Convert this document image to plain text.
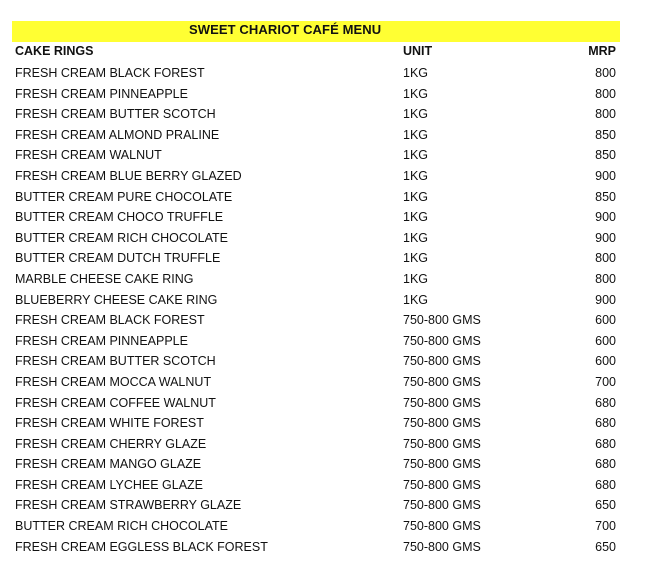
SWEET CHARIOT CAFÉ MENU
CAKE RINGS	UNIT	MRP
FRESH CREAM BLACK FOREST	1KG	800
FRESH CREAM PINNEAPPLE	1KG	800
FRESH CREAM BUTTER SCOTCH	1KG	800
FRESH CREAM ALMOND PRALINE	1KG	850
FRESH CREAM WALNUT	1KG	850
FRESH CREAM BLUE BERRY GLAZED	1KG	900
BUTTER CREAM PURE CHOCOLATE	1KG	850
BUTTER CREAM CHOCO TRUFFLE	1KG	900
BUTTER CREAM RICH CHOCOLATE	1KG	900
BUTTER CREAM DUTCH TRUFFLE	1KG	800
MARBLE CHEESE CAKE RING	1KG	800
BLUEBERRY CHEESE CAKE RING	1KG	900
FRESH CREAM BLACK FOREST	750-800 GMS	600
FRESH CREAM PINNEAPPLE	750-800 GMS	600
FRESH CREAM BUTTER SCOTCH	750-800 GMS	600
FRESH CREAM MOCCA WALNUT	750-800 GMS	700
FRESH CREAM COFFEE WALNUT	750-800 GMS	680
FRESH CREAM WHITE FOREST	750-800 GMS	680
FRESH CREAM CHERRY GLAZE	750-800 GMS	680
FRESH CREAM MANGO GLAZE	750-800 GMS	680
FRESH CREAM LYCHEE GLAZE	750-800 GMS	680
FRESH CREAM STRAWBERRY GLAZE	750-800 GMS	650
BUTTER CREAM RICH CHOCOLATE	750-800 GMS	700
FRESH CREAM EGGLESS BLACK FOREST	750-800 GMS	650
